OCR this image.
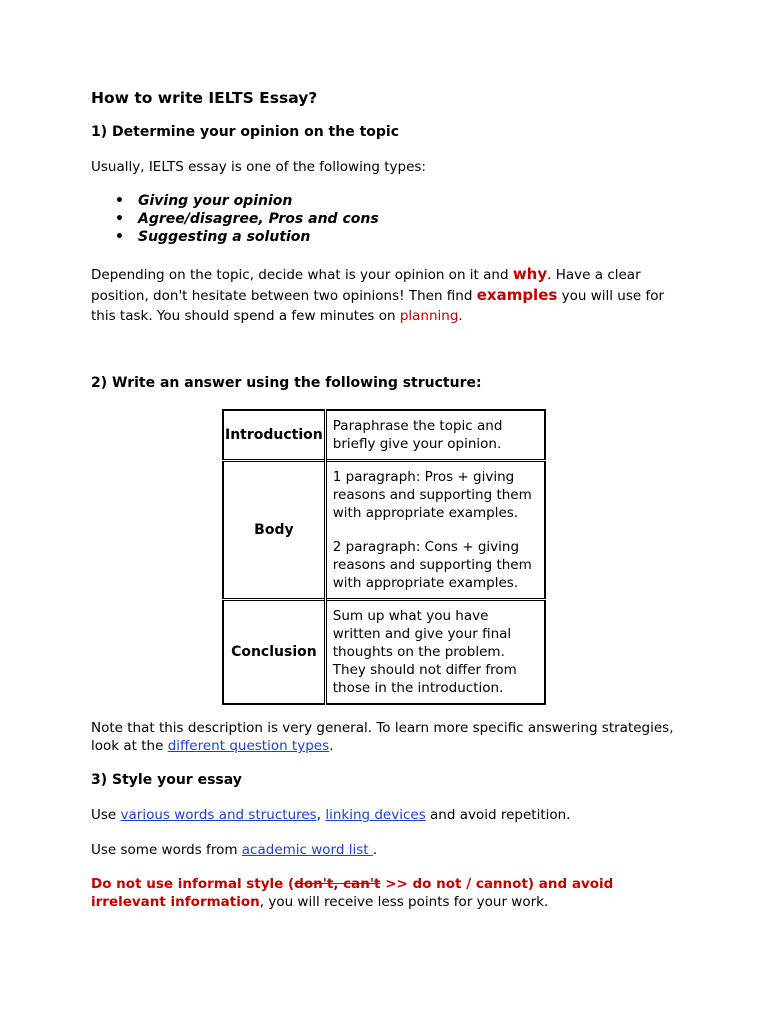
How to write IELTS Essay?
1) Determine your opinion on the topic

Usually, IELTS essay is one of the following types:

• Giving your opinion
• Agree/disagree, Pros and cons
• Suggesting a solution

Depending on the topic, decide what is your opinion on it and why. Have a clear position, don't hesitate between two opinions! Then find examples you will use for this task. You should spend a few minutes on planning.

2) Write an answer using the following structure:

Note that this description is very general. To learn more specific answering strategies, look at the different question types.

3) Style your essay

Use various words and structures, linking devices and avoid repetition.

Use some words from academic word list .

Do not use informal style (don't, can't >> do not / cannot) and avoid irrelevant information, you will receive less points for your work.

Introduction	Paraphrase the topic and briefly give your opinion.

Body	1 paragraph: Pros + giving reasons and supporting them with appropriate examples.

2 paragraph: Cons + giving reasons and supporting them with appropriate examples.

Conclusion	Sum up what you have written and give your final thoughts on the problem. They should not differ from those in the introduction.
